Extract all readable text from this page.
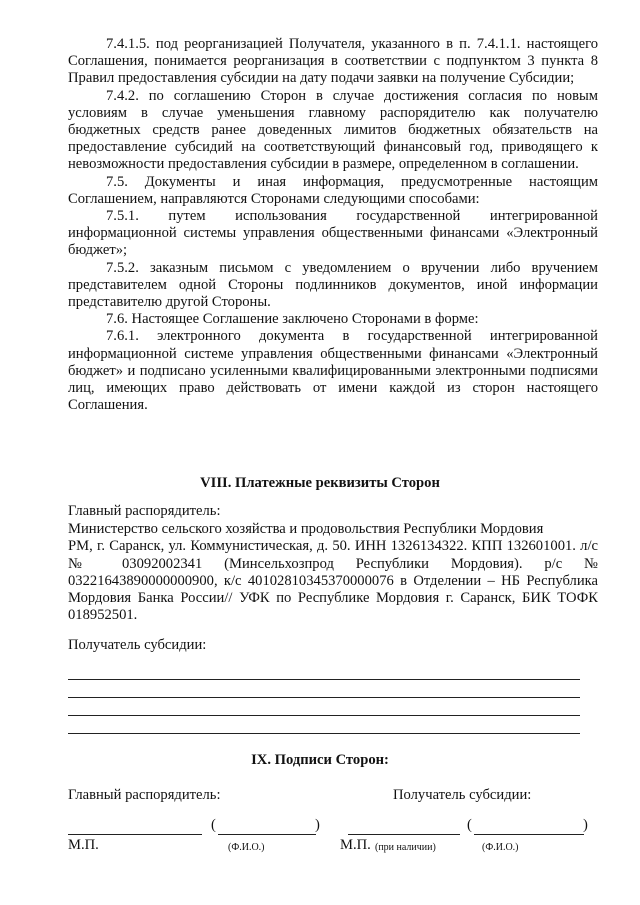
7.4.1.5. под реорганизацией Получателя, указанного в п. 7.4.1.1. настоящего Соглашения, понимается реорганизация в соответствии с подпунктом 3 пункта 8 Правил предоставления субсидии на дату подачи заявки на получение Субсидии;

7.4.2. по соглашению Сторон в случае достижения согласия по новым условиям в случае уменьшения главному распорядителю как получателю бюджетных средств ранее доведенных лимитов бюджетных обязательств на предоставление субсидий на соответствующий финансовый год, приводящего к невозможности предоставления субсидии в размере, определенном в соглашении.

7.5. Документы и иная информация, предусмотренные настоящим Соглашением, направляются Сторонами следующими способами:

7.5.1. путем использования государственной интегрированной информационной системы управления общественными финансами «Электронный бюджет»;

7.5.2. заказным письмом с уведомлением о вручении либо вручением представителем одной Стороны подлинников документов, иной информации представителю другой Стороны.

7.6. Настоящее Соглашение заключено Сторонами в форме:

7.6.1. электронного документа в государственной интегрированной информационной системе управления общественными финансами «Электронный бюджет» и подписано усиленными квалифицированными электронными подписями лиц, имеющих право действовать от имени каждой из сторон настоящего Соглашения.

VIII. Платежные реквизиты Сторон

Главный распорядитель:

Министерство сельского хозяйства и продовольствия Республики Мордовия

РМ, г. Саранск, ул. Коммунистическая, д. 50. ИНН 1326134322. КПП 132601001. л/с № 03092002341 (Минсельхозпрод Республики Мордовия). р/с № 03221643890000000900, к/с 40102810345370000076 в Отделении – НБ Республика Мордовия Банка России// УФК по Республике Мордовия г. Саранск, БИК ТОФК 018952501.

Получатель субсидии:
IX. Подписи Сторон:
Главный распорядитель:	Получатель субсидии:
(	)	(	)
М.П.	(Ф.И.О.)	М.П. (при наличии)	(Ф.И.О.)
